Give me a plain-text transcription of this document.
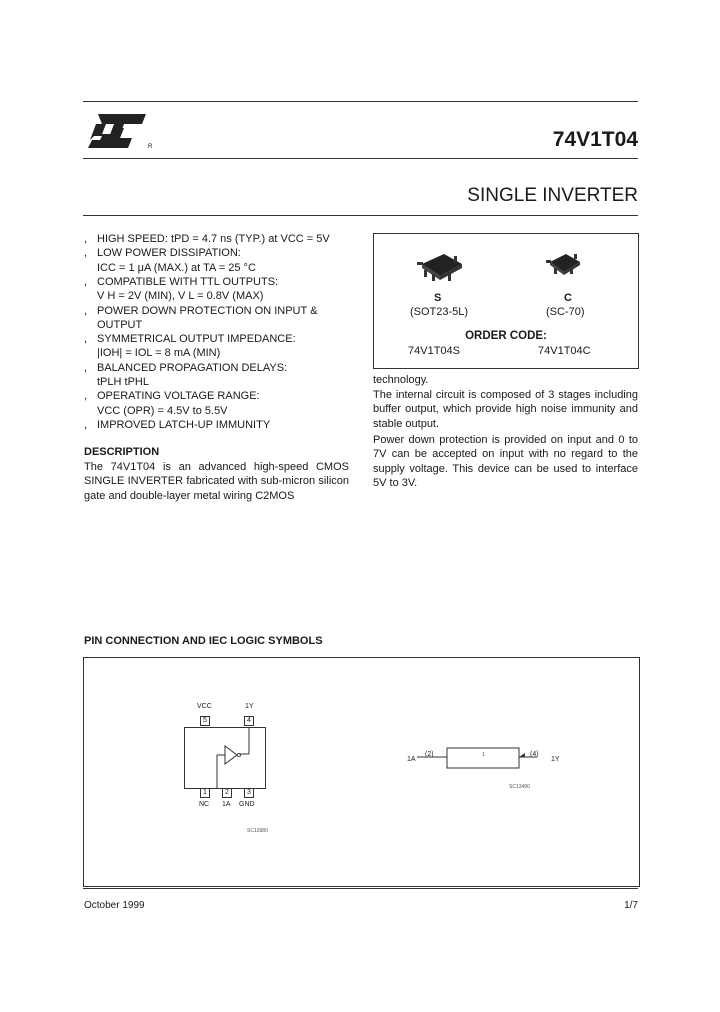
R	74V1T04
SINGLE INVERTER
, HIGH SPEED: tPD = 4.7 ns (TYP.) at VCC = 5V
, LOW POWER DISSIPATION:
ICC = 1 μA (MAX.) at TA = 25 °C
, COMPATIBLE WITH TTL OUTPUTS:
V H = 2V (MIN), V L = 0.8V (MAX)
, POWER DOWN PROTECTION ON INPUT &
OUTPUT
, SYMMETRICAL OUTPUT IMPEDANCE:
|IOH| = IOL = 8 mA (MIN)
, BALANCED PROPAGATION DELAYS:
tPLH tPHL
, OPERATING VOLTAGE RANGE:
VCC (OPR) = 4.5V to 5.5V
, IMPROVED LATCH-UP IMMUNITY
S
(SOT23-5L)
C
(SC-70)
ORDER CODE:
74V1T04S	74V1T04C
DESCRIPTION
The 74V1T04 is an advanced high-speed CMOS SINGLE INVERTER fabricated with sub-micron silicon gate and double-layer metal wiring C2MOS
technology.
The internal circuit is composed of 3 stages including buffer output, which provide high noise immunity and stable output.
Power down protection is provided on input and 0 to 7V can be accepted on input with no regard to the supply voltage. This device can be used to interface 5V to 3V.
PIN CONNECTION AND IEC LOGIC SYMBOLS
VCC	1Y
5	4
1	2	3
NC 1A GND
SC13980
1A
(2)	1	(4)
1Y
SC13490
October 1999	1/7
